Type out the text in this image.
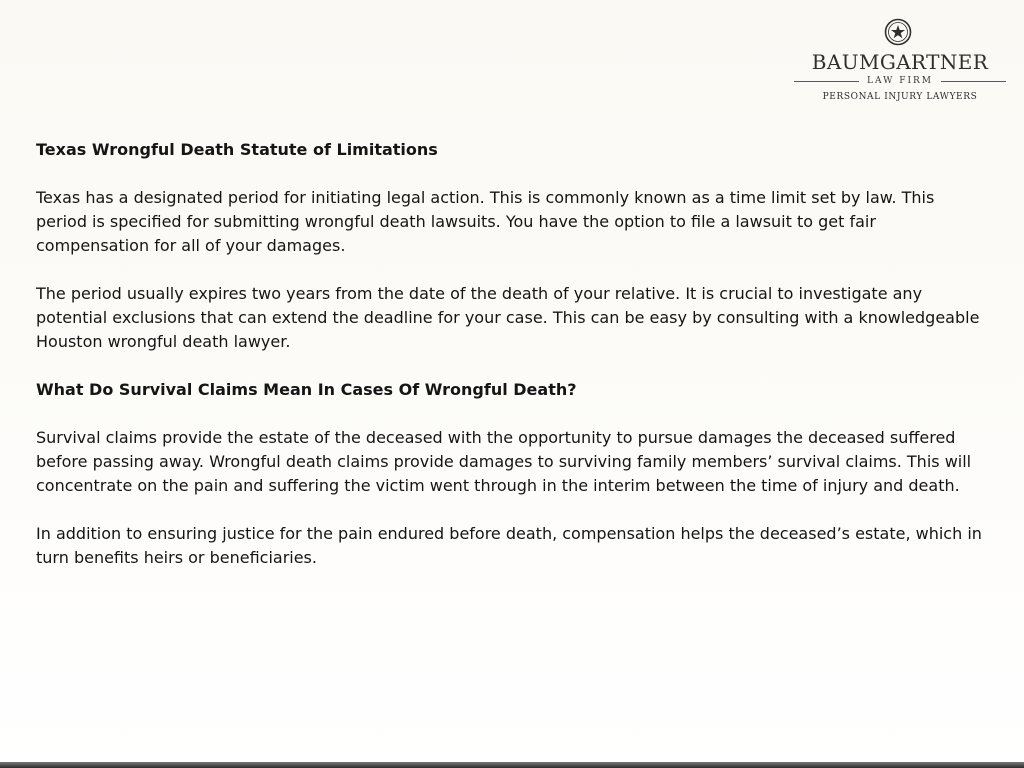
BAUMGARTNER
LAW FIRM
PERSONAL INJURY LAWYERS

Texas Wrongful Death Statute of Limitations

Texas has a designated period for initiating legal action. This is commonly known as a time limit set by law. This period is specified for submitting wrongful death lawsuits. You have the option to file a lawsuit to get fair compensation for all of your damages.

The period usually expires two years from the date of the death of your relative. It is crucial to investigate any potential exclusions that can extend the deadline for your case. This can be easy by consulting with a knowledgeable Houston wrongful death lawyer.

What Do Survival Claims Mean In Cases Of Wrongful Death?

Survival claims provide the estate of the deceased with the opportunity to pursue damages the deceased suffered before passing away. Wrongful death claims provide damages to surviving family members’ survival claims. This will concentrate on the pain and suffering the victim went through in the interim between the time of injury and death.

In addition to ensuring justice for the pain endured before death, compensation helps the deceased’s estate, which in turn benefits heirs or beneficiaries.
